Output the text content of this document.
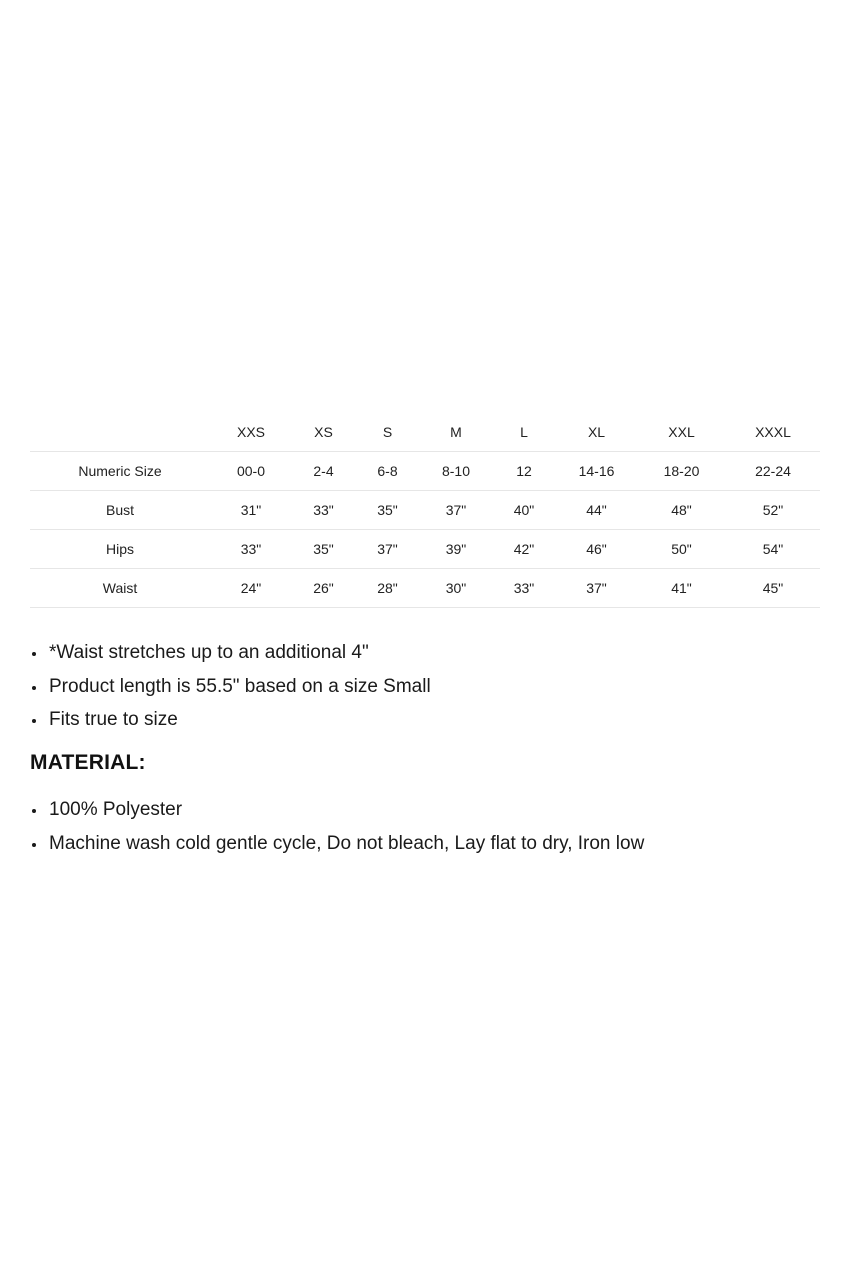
	XXS	XS	S	M	L	XL	XXL	XXXL
Numeric Size	00-0	2-4	6-8	8-10	12	14-16	18-20	22-24
Bust	31"	33"	35"	37"	40"	44"	48"	52"
Hips	33"	35"	37"	39"	42"	46"	50"	54"
Waist	24"	26"	28"	30"	33"	37"	41"	45"
*Waist stretches up to an additional 4"
Product length is 55.5" based on a size Small
Fits true to size
MATERIAL:
100% Polyester
Machine wash cold gentle cycle, Do not bleach, Lay flat to dry, Iron low
